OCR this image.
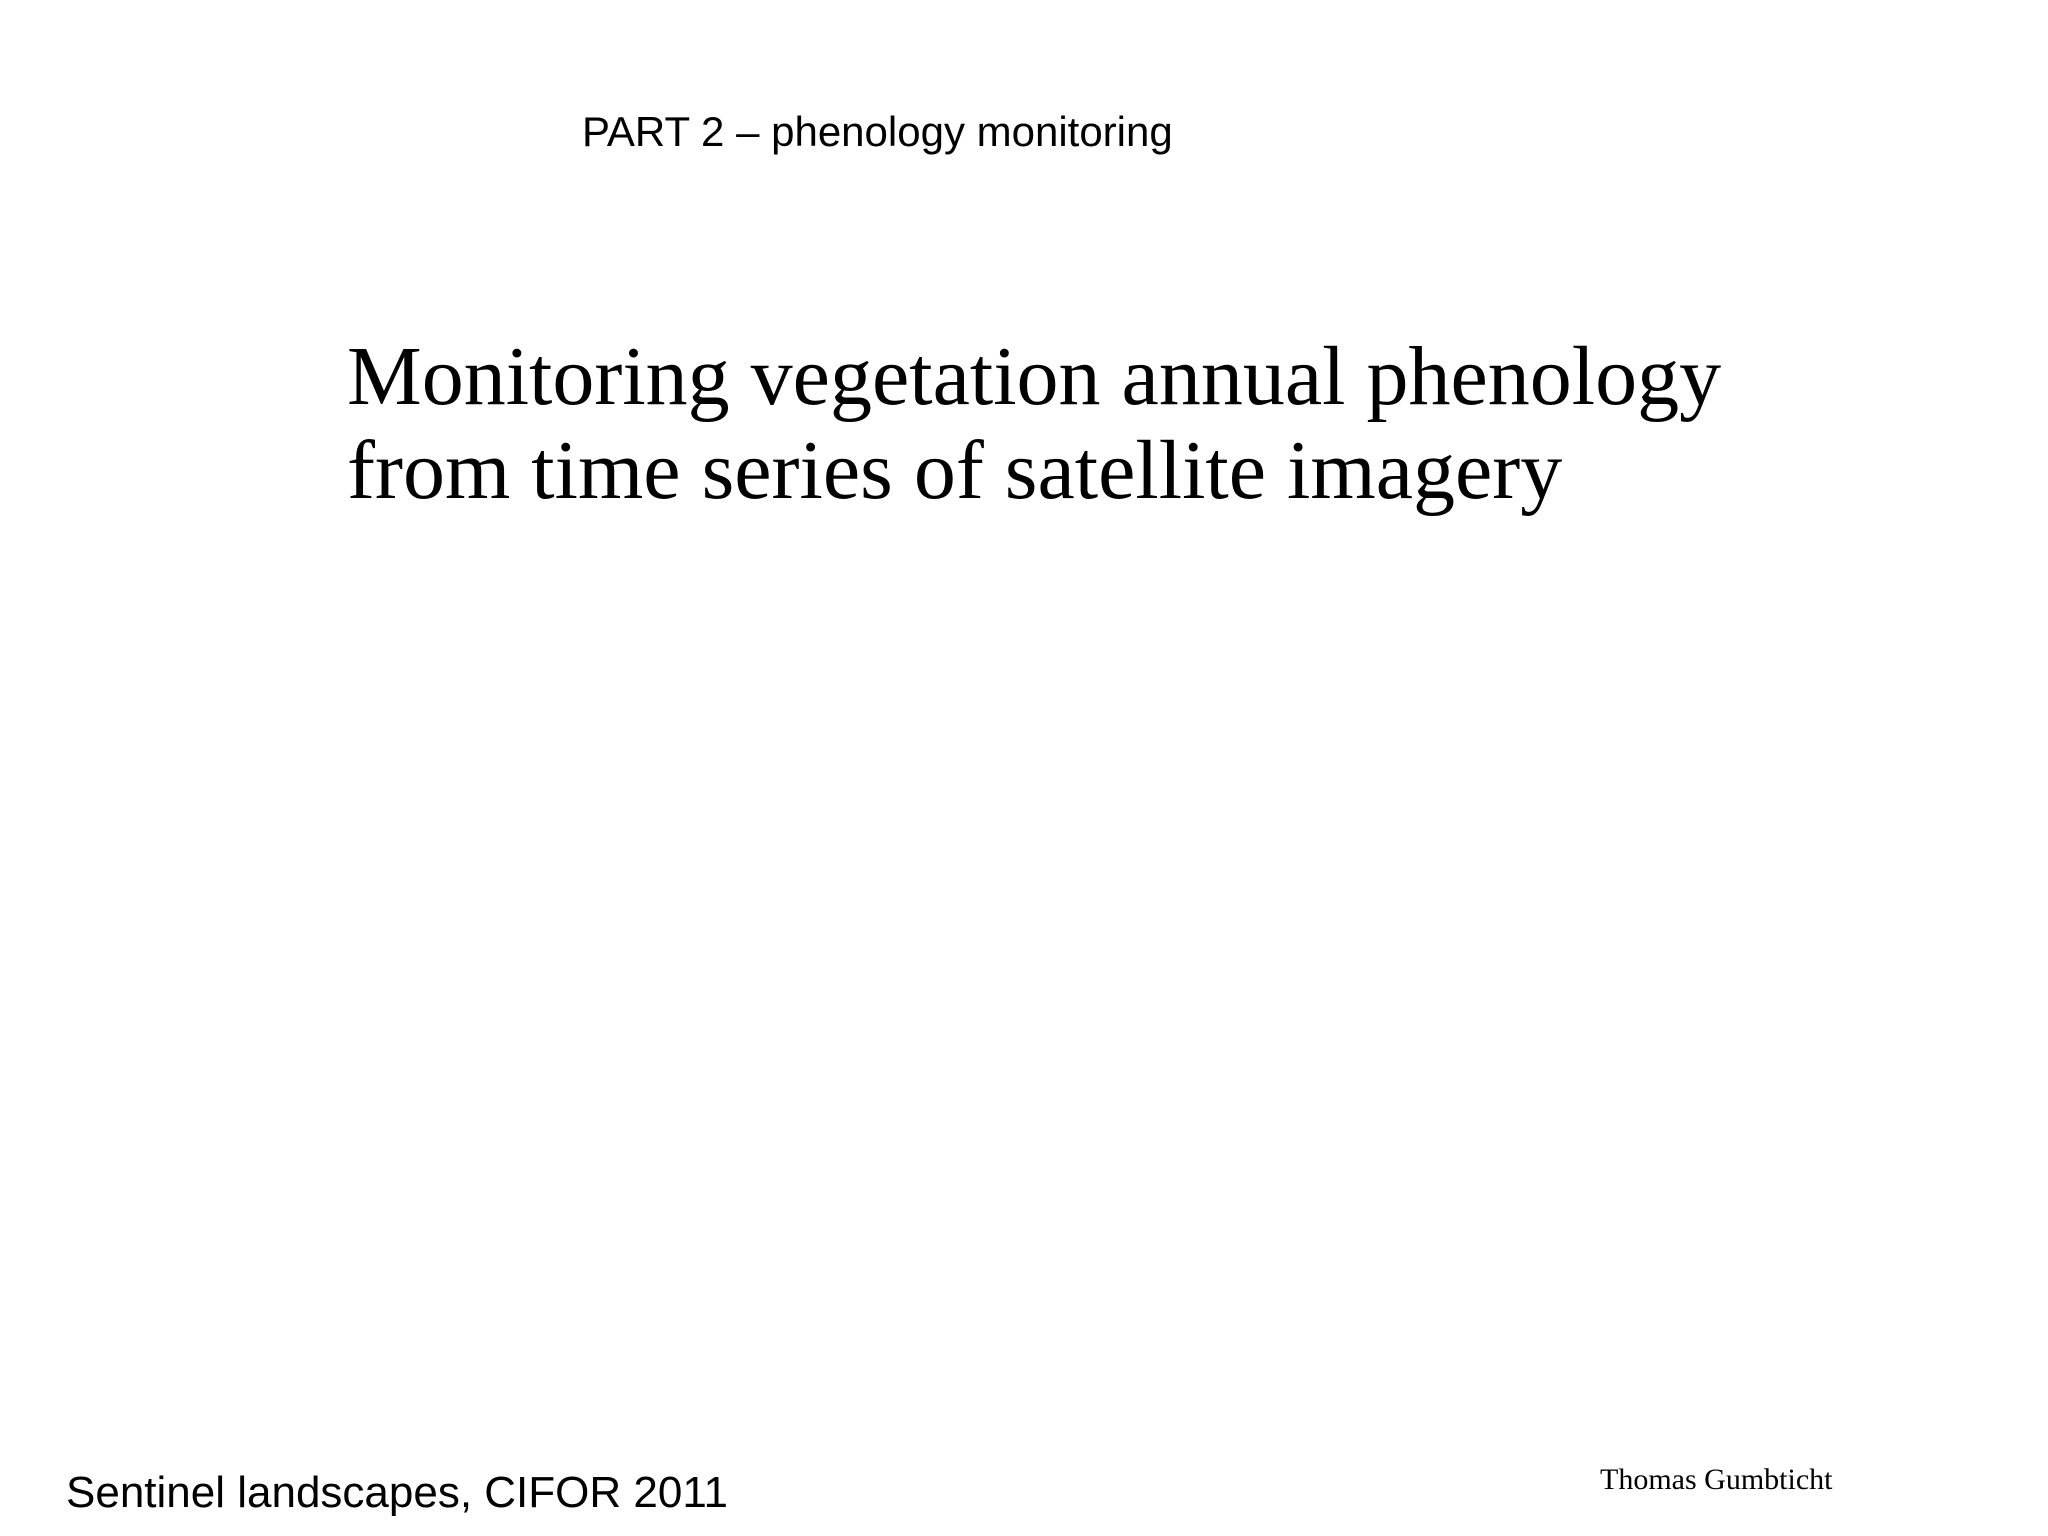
PART 2 – phenology monitoring
Monitoring vegetation annual phenology
from time series of satellite imagery
Sentinel landscapes, CIFOR 2011	Thomas Gumbticht
